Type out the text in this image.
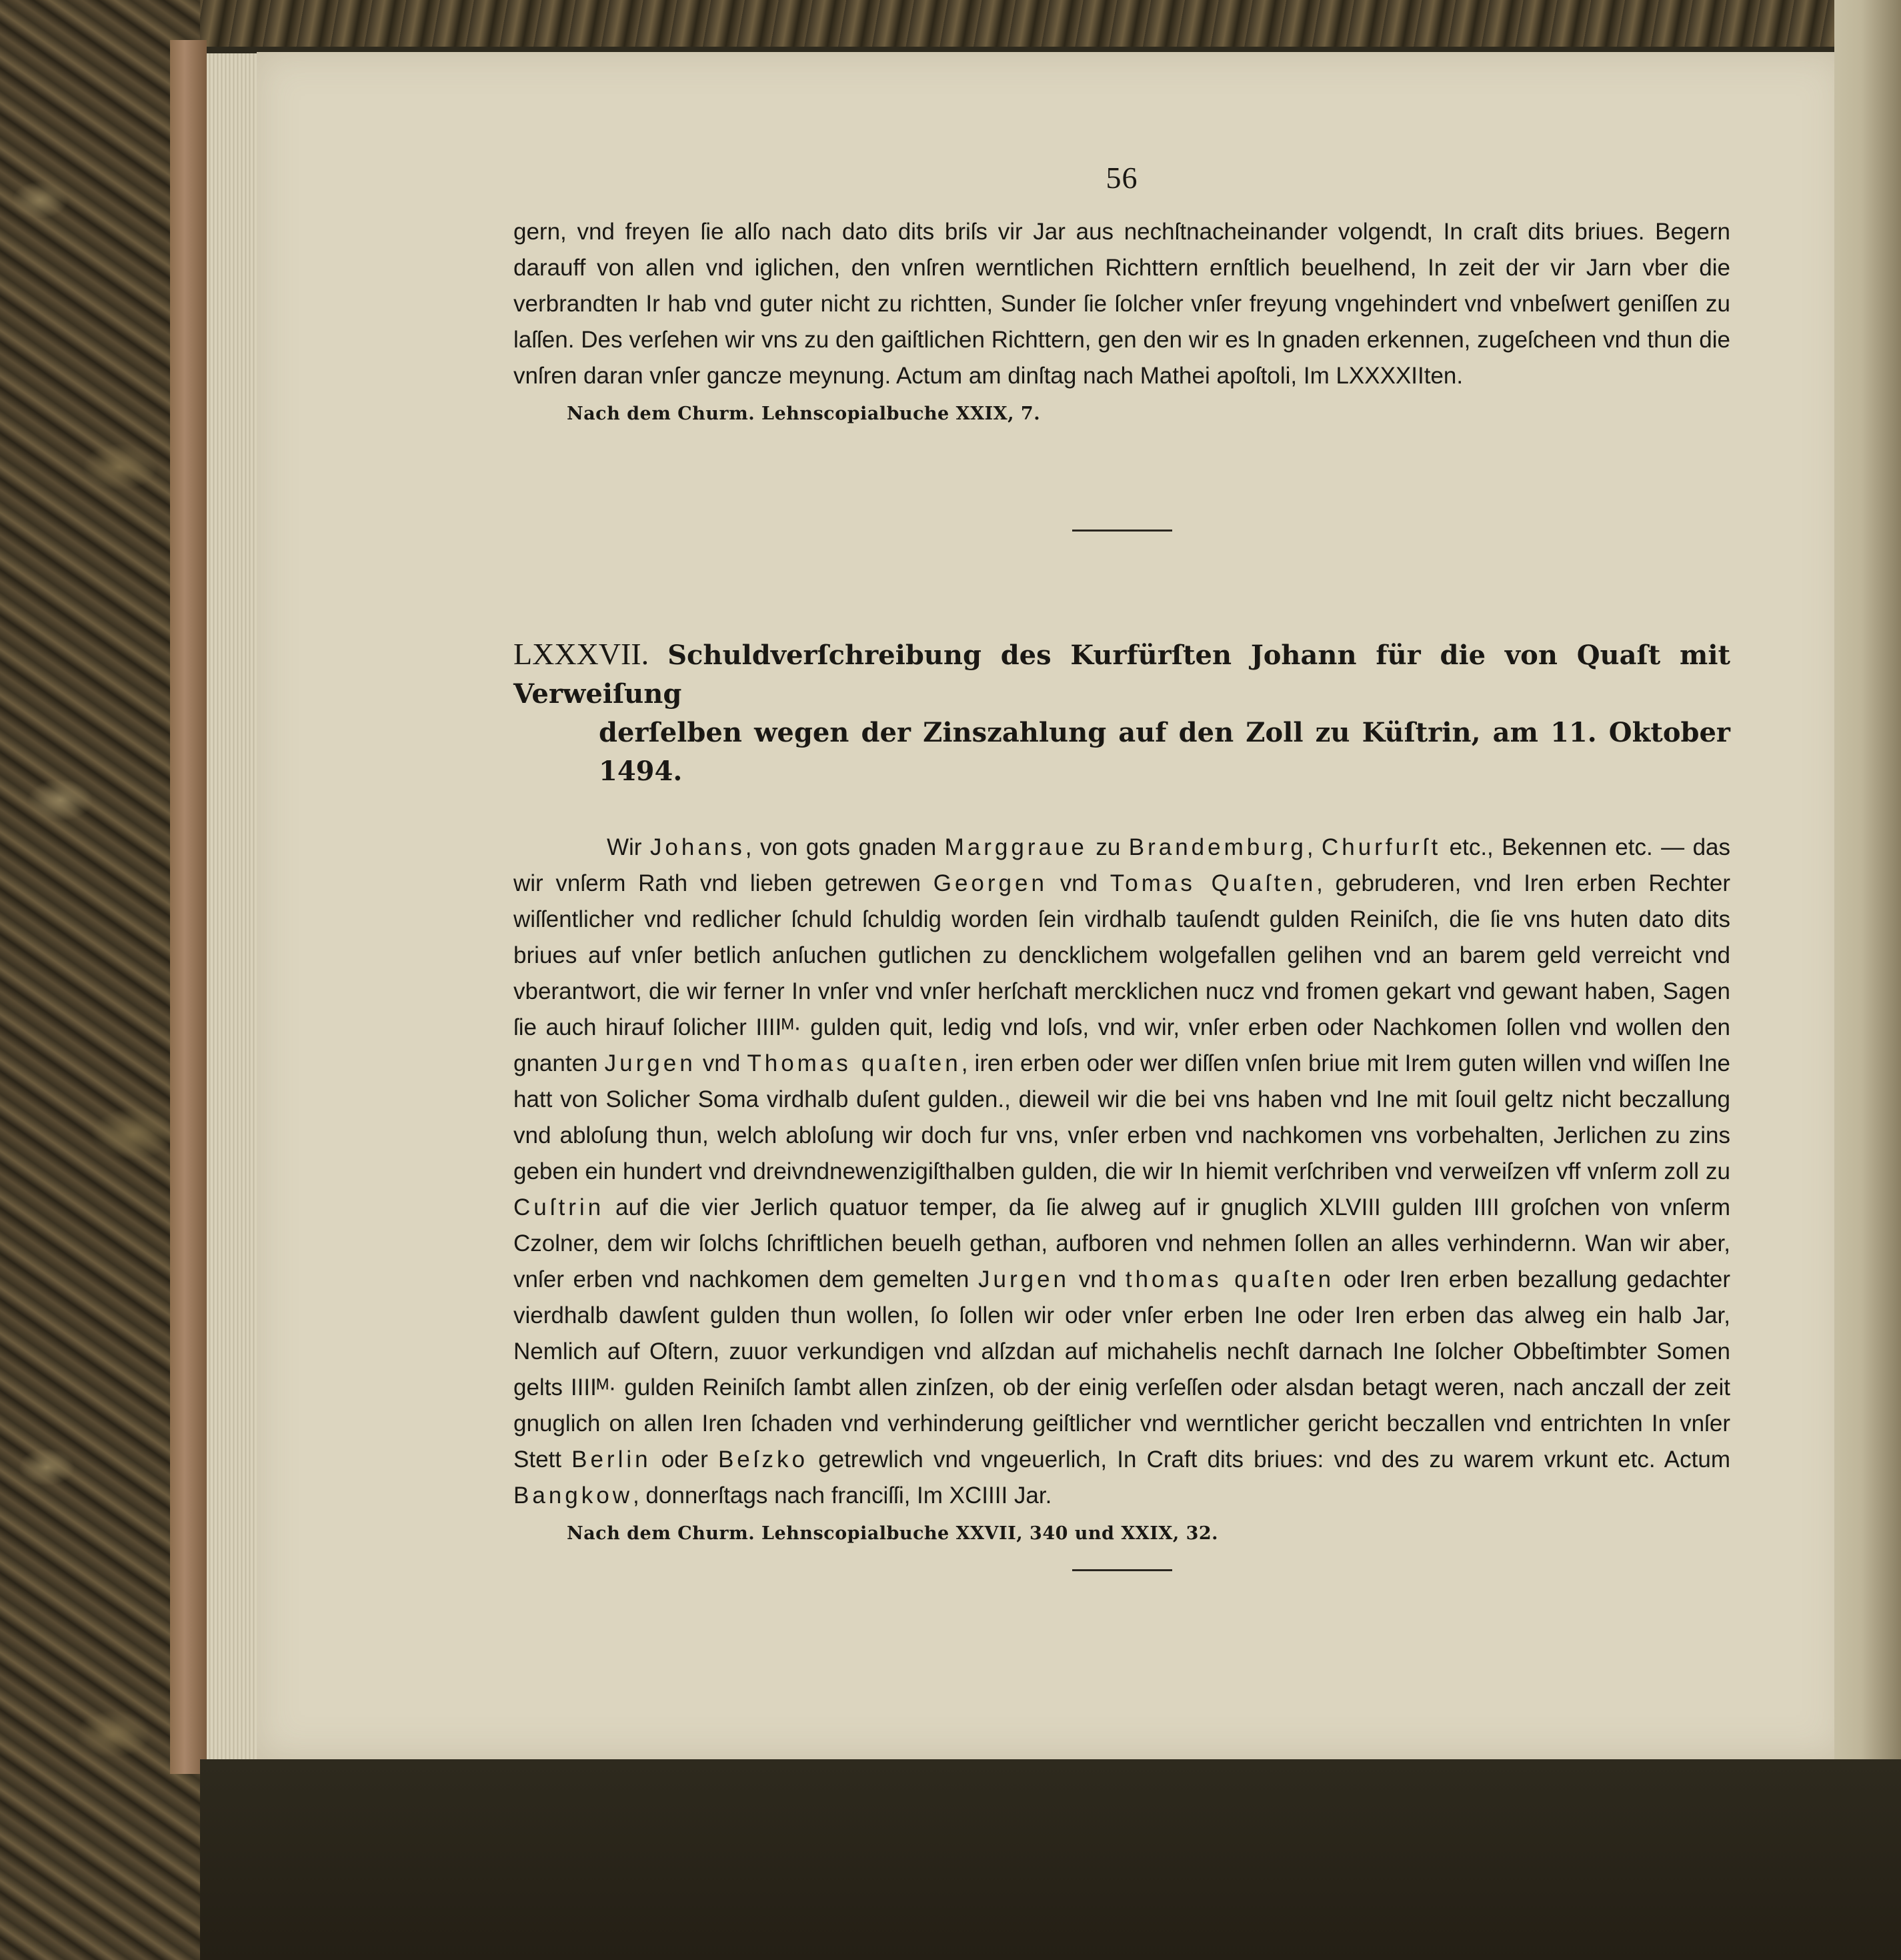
56

gern, vnd freyen ſie alſo nach dato dits briſs vir Jar aus nechſtnacheinander volgendt, In craſt dits briues. Begern darauff von allen vnd iglichen, den vnſren werntlichen Richttern ernſtlich beuelhend, In zeit der vir Jarn vber die verbrandten Ir hab vnd guter nicht zu richtten, Sunder ſie ſolcher vnſer freyung vngehindert vnd vnbeſwert geniſſen zu laſſen. Des verſehen wir vns zu den gaiſtlichen Richttern, gen den wir es In gnaden erkennen, zugeſcheen vnd thun die vnſren daran vnſer gancze meynung. Actum am dinſtag nach Mathei apoſtoli, Im LXXXXIIten.

Nach dem Churm. Lehnscopialbuche XXIX, 7.
LXXXVII. Schuldverſchreibung des Kurfürſten Johann für die von Quaſt mit Verweiſung
derſelben wegen der Zinszahlung auf den Zoll zu Küſtrin, am 11. Oktober 1494.

Wir Johans, von gots gnaden Marggraue zu Brandemburg, Churfurſt etc., Bekennen etc. — das wir vnſerm Rath vnd lieben getrewen Georgen vnd Tomas Quaſten, gebruderen, vnd Iren erben Rechter wiſſentlicher vnd redlicher ſchuld ſchuldig worden ſein virdhalb tauſendt gulden Reiniſch, die ſie vns huten dato dits briues auf vnſer betlich anſuchen gutlichen zu dencklichem wolgefallen gelihen vnd an barem geld verreicht vnd vberantwort, die wir ferner In vnſer vnd vnſer herſchaft mercklichen nucz vnd fromen gekart vnd gewant haben, Sagen ſie auch hirauf ſolicher IIIIᴹ· gulden quit, ledig vnd loſs, vnd wir, vnſer erben oder Nachkomen ſollen vnd wollen den gnanten Jurgen vnd Thomas quaſten, iren erben oder wer diſſen vnſen briue mit Irem guten willen vnd wiſſen Ine hatt von Solicher Soma virdhalb duſent gulden., dieweil wir die bei vns haben vnd Ine mit ſouil geltz nicht beczallung vnd abloſung thun, welch abloſung wir doch fur vns, vnſer erben vnd nachkomen vns vorbehalten, Jerlichen zu zins geben ein hundert vnd dreivndnewenzigiſthalben gulden, die wir In hiemit verſchriben vnd verweiſzen vff vnſerm zoll zu Cuſtrin auf die vier Jerlich quatuor temper, da ſie alweg auf ir gnuglich XLVIII gulden IIII groſchen von vnſerm Czolner, dem wir ſolchs ſchriftlichen beuelh gethan, aufboren vnd nehmen ſollen an alles verhindernn. Wan wir aber, vnſer erben vnd nachkomen dem gemelten Jurgen vnd thomas quaſten oder Iren erben bezallung gedachter vierdhalb dawſent gulden thun wollen, ſo ſollen wir oder vnſer erben Ine oder Iren erben das alweg ein halb Jar, Nemlich auf Oſtern, zuuor verkundigen vnd alſzdan auf michahelis nechſt darnach Ine ſolcher Obbeſtimbter Somen gelts IIIIᴹ· gulden Reiniſch ſambt allen zinſzen, ob der einig verſeſſen oder alsdan betagt weren, nach anczall der zeit gnuglich on allen Iren ſchaden vnd verhinderung geiſtlicher vnd werntlicher gericht beczallen vnd entrichten In vnſer Stett Berlin oder Beſzko getrewlich vnd vngeuerlich, In Craft dits briues: vnd des zu warem vrkunt etc. Actum Bangkow, donnerſtags nach franciſſi, Im XCIIII Jar.

Nach dem Churm. Lehnscopialbuche XXVII, 340 und XXIX, 32.
